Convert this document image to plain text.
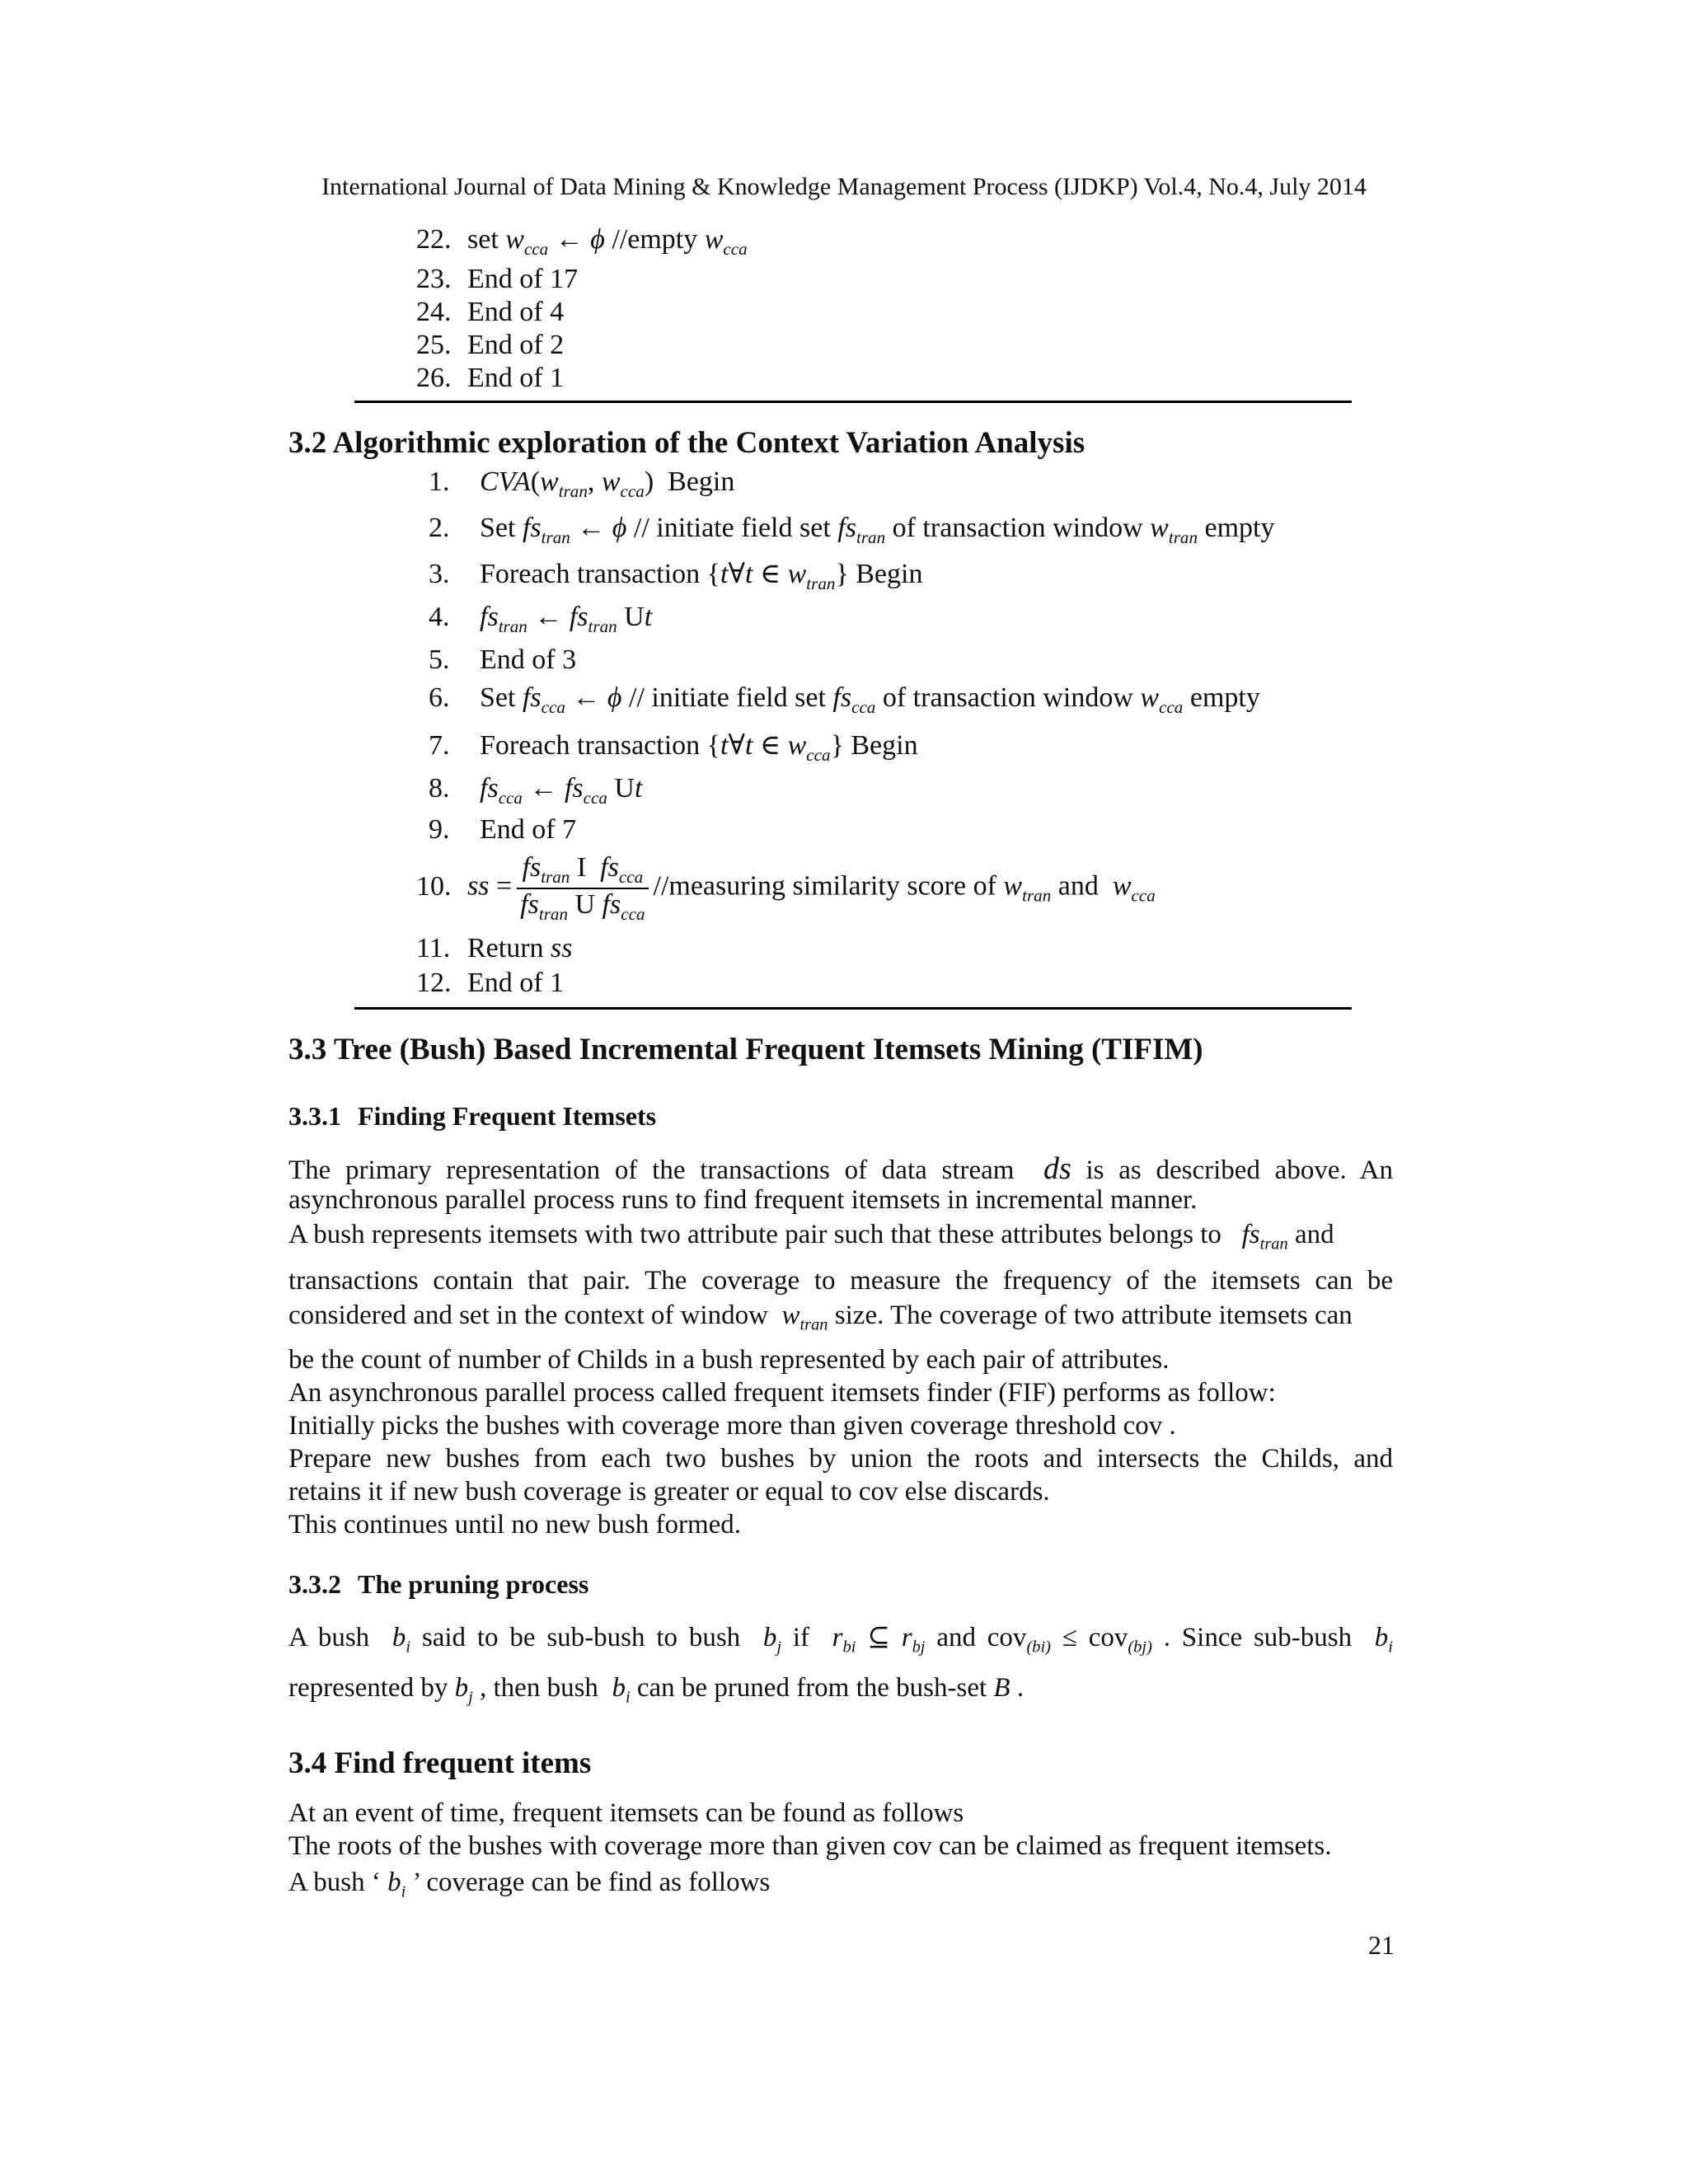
International Journal of Data Mining & Knowledge Management Process (IJDKP) Vol.4, No.4, July 2014
22. set $w_{cca}$ ← ϕ //empty $w_{cca}$
23. End of 17
24. End of 4
25. End of 2
26. End of 1
3.2 Algorithmic exploration of the Context Variation Analysis
1. $CVA(w_{tran}$, $w_{cca}$)  Begin
2. Set $fs_{tran}$ ← ϕ // initiate field set $fs_{tran}$ of transaction window $w_{tran}$ empty
3. Foreach transaction {t∀t ∈ $w_{tran}$} Begin
4. $fs_{tran}$ ← $fs_{tran}$ Ut
5. End of 3
6. Set $fs_{cca}$ ← ϕ // initiate field set $fs_{cca}$ of transaction window $w_{cca}$ empty
7. Foreach transaction {t∀t ∈ $w_{cca}$} Begin
8. $fs_{cca}$ ← $fs_{cca}$ Ut
9. End of 7
10. ss = $\frac{fs_{tran} I fs_{cca}}{fs_{tran} U fs_{cca}}$ //measuring similarity score of $w_{tran}$ and  $w_{cca}$
11. Return ss
12. End of 1
3.3 Tree (Bush) Based Incremental Frequent Itemsets Mining (TIFIM)
3.3.1 Finding Frequent Itemsets
The primary representation of the transactions of data stream  ds is as described above. An
asynchronous parallel process runs to find frequent itemsets in incremental manner.
A bush represents itemsets with two attribute pair such that these attributes belongs to   $fs_{tran}$ and
transactions contain that pair. The coverage to measure the frequency of the itemsets can be
considered and set in the context of window  $w_{tran}$ size. The coverage of two attribute itemsets can
be the count of number of Childs in a bush represented by each pair of attributes.
An asynchronous parallel process called frequent itemsets finder (FIF) performs as follow:
Initially picks the bushes with coverage more than given coverage threshold cov .
Prepare new bushes from each two bushes by union the roots and intersects the Childs, and
retains it if new bush coverage is greater or equal to cov else discards.
This continues until no new bush formed.
3.3.2 The pruning process
A bush  $b_i$ said to be sub-bush to bush  $b_j$ if  $r_{bi}$ ⊆ $r_{bj}$ and cov$_{(bi)}$ ≤ cov$_{(bj)}$ . Since sub-bush  $b_i$
represented by $b_j$ , then bush  $b_i$ can be pruned from the bush-set B .
3.4 Find frequent items
At an event of time, frequent itemsets can be found as follows
The roots of the bushes with coverage more than given cov can be claimed as frequent itemsets.
A bush ‘ $b_i$ ’ coverage can be find as follows
21
